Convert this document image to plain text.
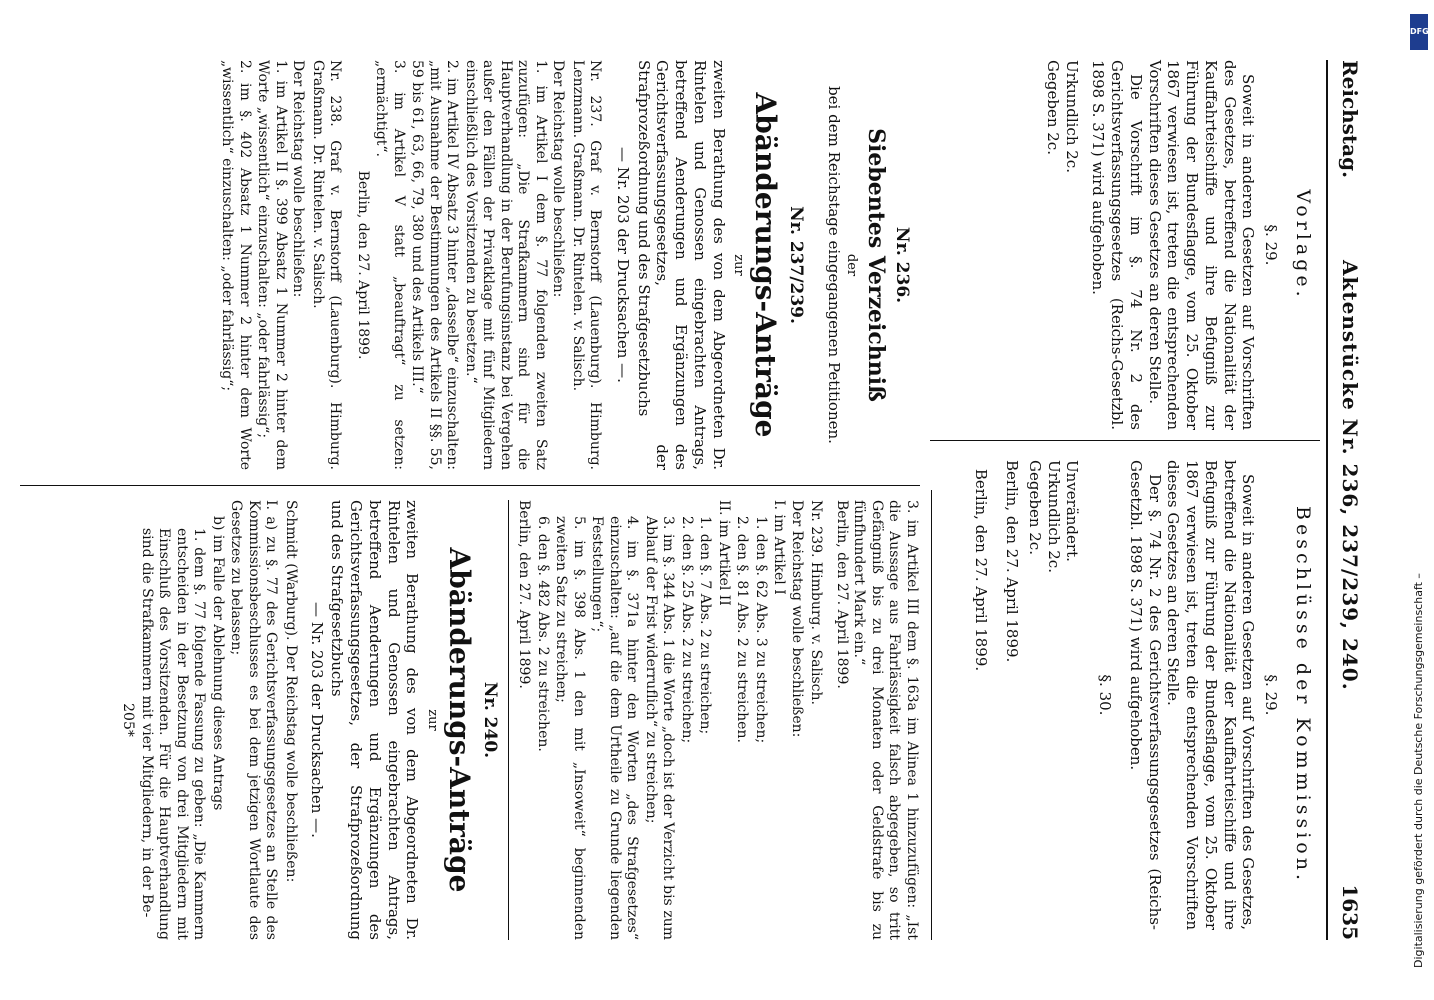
Reichstag.
Aktenstücke Nr. 236, 237/239, 240.
1635
Vorlage.
§. 29.

Soweit in anderen Gesetzen auf Vorschriften des Gesetzes, betreffend die Nationalität der Kauffahrteischiffe und ihre Befugniß zur Führung der Bundesflagge, vom 25. Oktober 1867 verwiesen ist, treten die entsprechenden Vorschriften dieses Gesetzes an deren Stelle.

Die Vorschrift im §. 74 Nr. 2 des Gerichtsverfassungsgesetzes (Reichs-Gesetzbl. 1898 S. 371) wird aufgehoben.

Urkundlich 2c.
Gegeben 2c.
Beschlüsse der Kommission.
§. 29.

Soweit in anderen Gesetzen auf Vorschriften des Gesetzes, betreffend die Nationalität der Kauffahrteischiffe und ihre Befugniß zur Führung der Bundesflagge, vom 25. Oktober 1867 verwiesen ist, treten die entsprechenden Vorschriften dieses Gesetzes an deren Stelle.

Der §. 74 Nr. 2 des Gerichtsverfassungsgesetzes (Reichs-Gesetzbl. 1898 S. 371) wird aufgehoben.

§. 30.
Unverändert.
Urkundlich 2c.
Gegeben 2c.
Berlin, den 27. April 1899.
Berlin, den 27. April 1899.
Nr. 236.
Siebentes Verzeichniß
der
bei dem Reichstage eingegangenen Petitionen.
Nr. 237/239.
Abänderungs-Anträge
zur

zweiten Berathung des von dem Abgeordneten Dr. Rintelen und Genossen eingebrachten Antrags, betreffend Aenderungen und Ergänzungen des Gerichtsverfassungsgesetzes, der Strafprozeßordnung und des Strafgesetzbuchs

— Nr. 203 der Drucksachen —.

Nr. 237. Graf v. Bernstorff (Lauenburg). Himburg. Lenzmann. Graßmann. Dr. Rintelen. v. Salisch.

Der Reichstag wolle beschließen:
1. im Artikel I dem §. 77 folgenden zweiten Satz zuzufügen: „Die Strafkammern sind für die Hauptverhandlung in der Berufungsinstanz bei Vergehen außer den Fällen der Privatklage mit fünf Mitgliedern einschließlich des Vorsitzenden zu besetzen.“
2. im Artikel IV Absatz 3 hinter „dasselbe“ einzuschalten: „mit Ausnahme der Bestimmungen des Artikels II §§. 55, 59 bis 61, 63, 66, 79, 380 und des Artikels III.“
3. im Artikel V statt „beauftragt“ zu setzen: „ermächtigt“.
Berlin, den 27. April 1899.

Nr. 238. Graf v. Bernstorff (Lauenburg). Himburg. Graßmann. Dr. Rintelen. v. Salisch.

Der Reichstag wolle beschließen:
1. im Artikel II §. 399 Absatz 1 Nummer 2 hinter dem Worte „wissentlich“ einzuschalten: „oder fahrlässig“;
2. im §. 402 Absatz 1 Nummer 2 hinter dem Worte „wissentlich“ einzuschalten: „oder fahrlässig“;

3. im Artikel III dem §. 163a im Alinea 1 hinzuzufügen: „Ist die Aussage aus Fahrlässigkeit falsch abgegeben, so tritt Gefängniß bis zu drei Monaten oder Geldstrafe bis zu fünfhundert Mark ein.“

Berlin, den 27. April 1899.

Nr. 239. Himburg. v. Salisch.

Der Reichstag wolle beschließen:
I. im Artikel I
1. den §. 62 Abs. 3 zu streichen;
2. den §. 81 Abs. 2 zu streichen.
II. im Artikel II
1. den §. 7 Abs. 2 zu streichen;
2. den §. 25 Abs. 2 zu streichen;
3. im §. 344 Abs. 1 die Worte „doch ist der Verzicht bis zum Ablauf der Frist widerruflich“ zu streichen;
4. im §. 371a hinter den Worten „des Strafgesetzes“ einzuschalten: „auf die dem Urtheile zu Grunde liegenden Feststellungen“;
5. im §. 398 Abs. 1 den mit „Insoweit“ beginnenden zweiten Satz zu streichen;
6. den §. 482 Abs. 2 zu streichen.
Berlin, den 27. April 1899.
Nr. 240.
Abänderungs-Anträge
zur

zweiten Berathung des von dem Abgeordneten Dr. Rintelen und Genossen eingebrachten Antrags, betreffend Aenderungen und Ergänzungen des Gerichtsverfassungsgesetzes, der Strafprozeßordnung und des Strafgesetzbuchs

— Nr. 203 der Drucksachen —.

Schmidt (Warburg). Der Reichstag wolle beschließen:

I. a) zu §. 77 des Gerichtsverfassungsgesetzes an Stelle des Kommissionsbeschlusses es bei dem jetzigen Wortlaute des Gesetzes zu belassen;
b) im Falle der Ablehnung dieses Antrags
1. dem §. 77 folgende Fassung zu geben: „Die Kammern entscheiden in der Besetzung von drei Mitgliedern mit Einschluß des Vorsitzenden. Für die Hauptverhandlung sind die Strafkammern mit vier Mitgliedern, in der Be-
205*
DFG
Digitalisierung gefördert durch die Deutsche Forschungsgemeinschaft –
